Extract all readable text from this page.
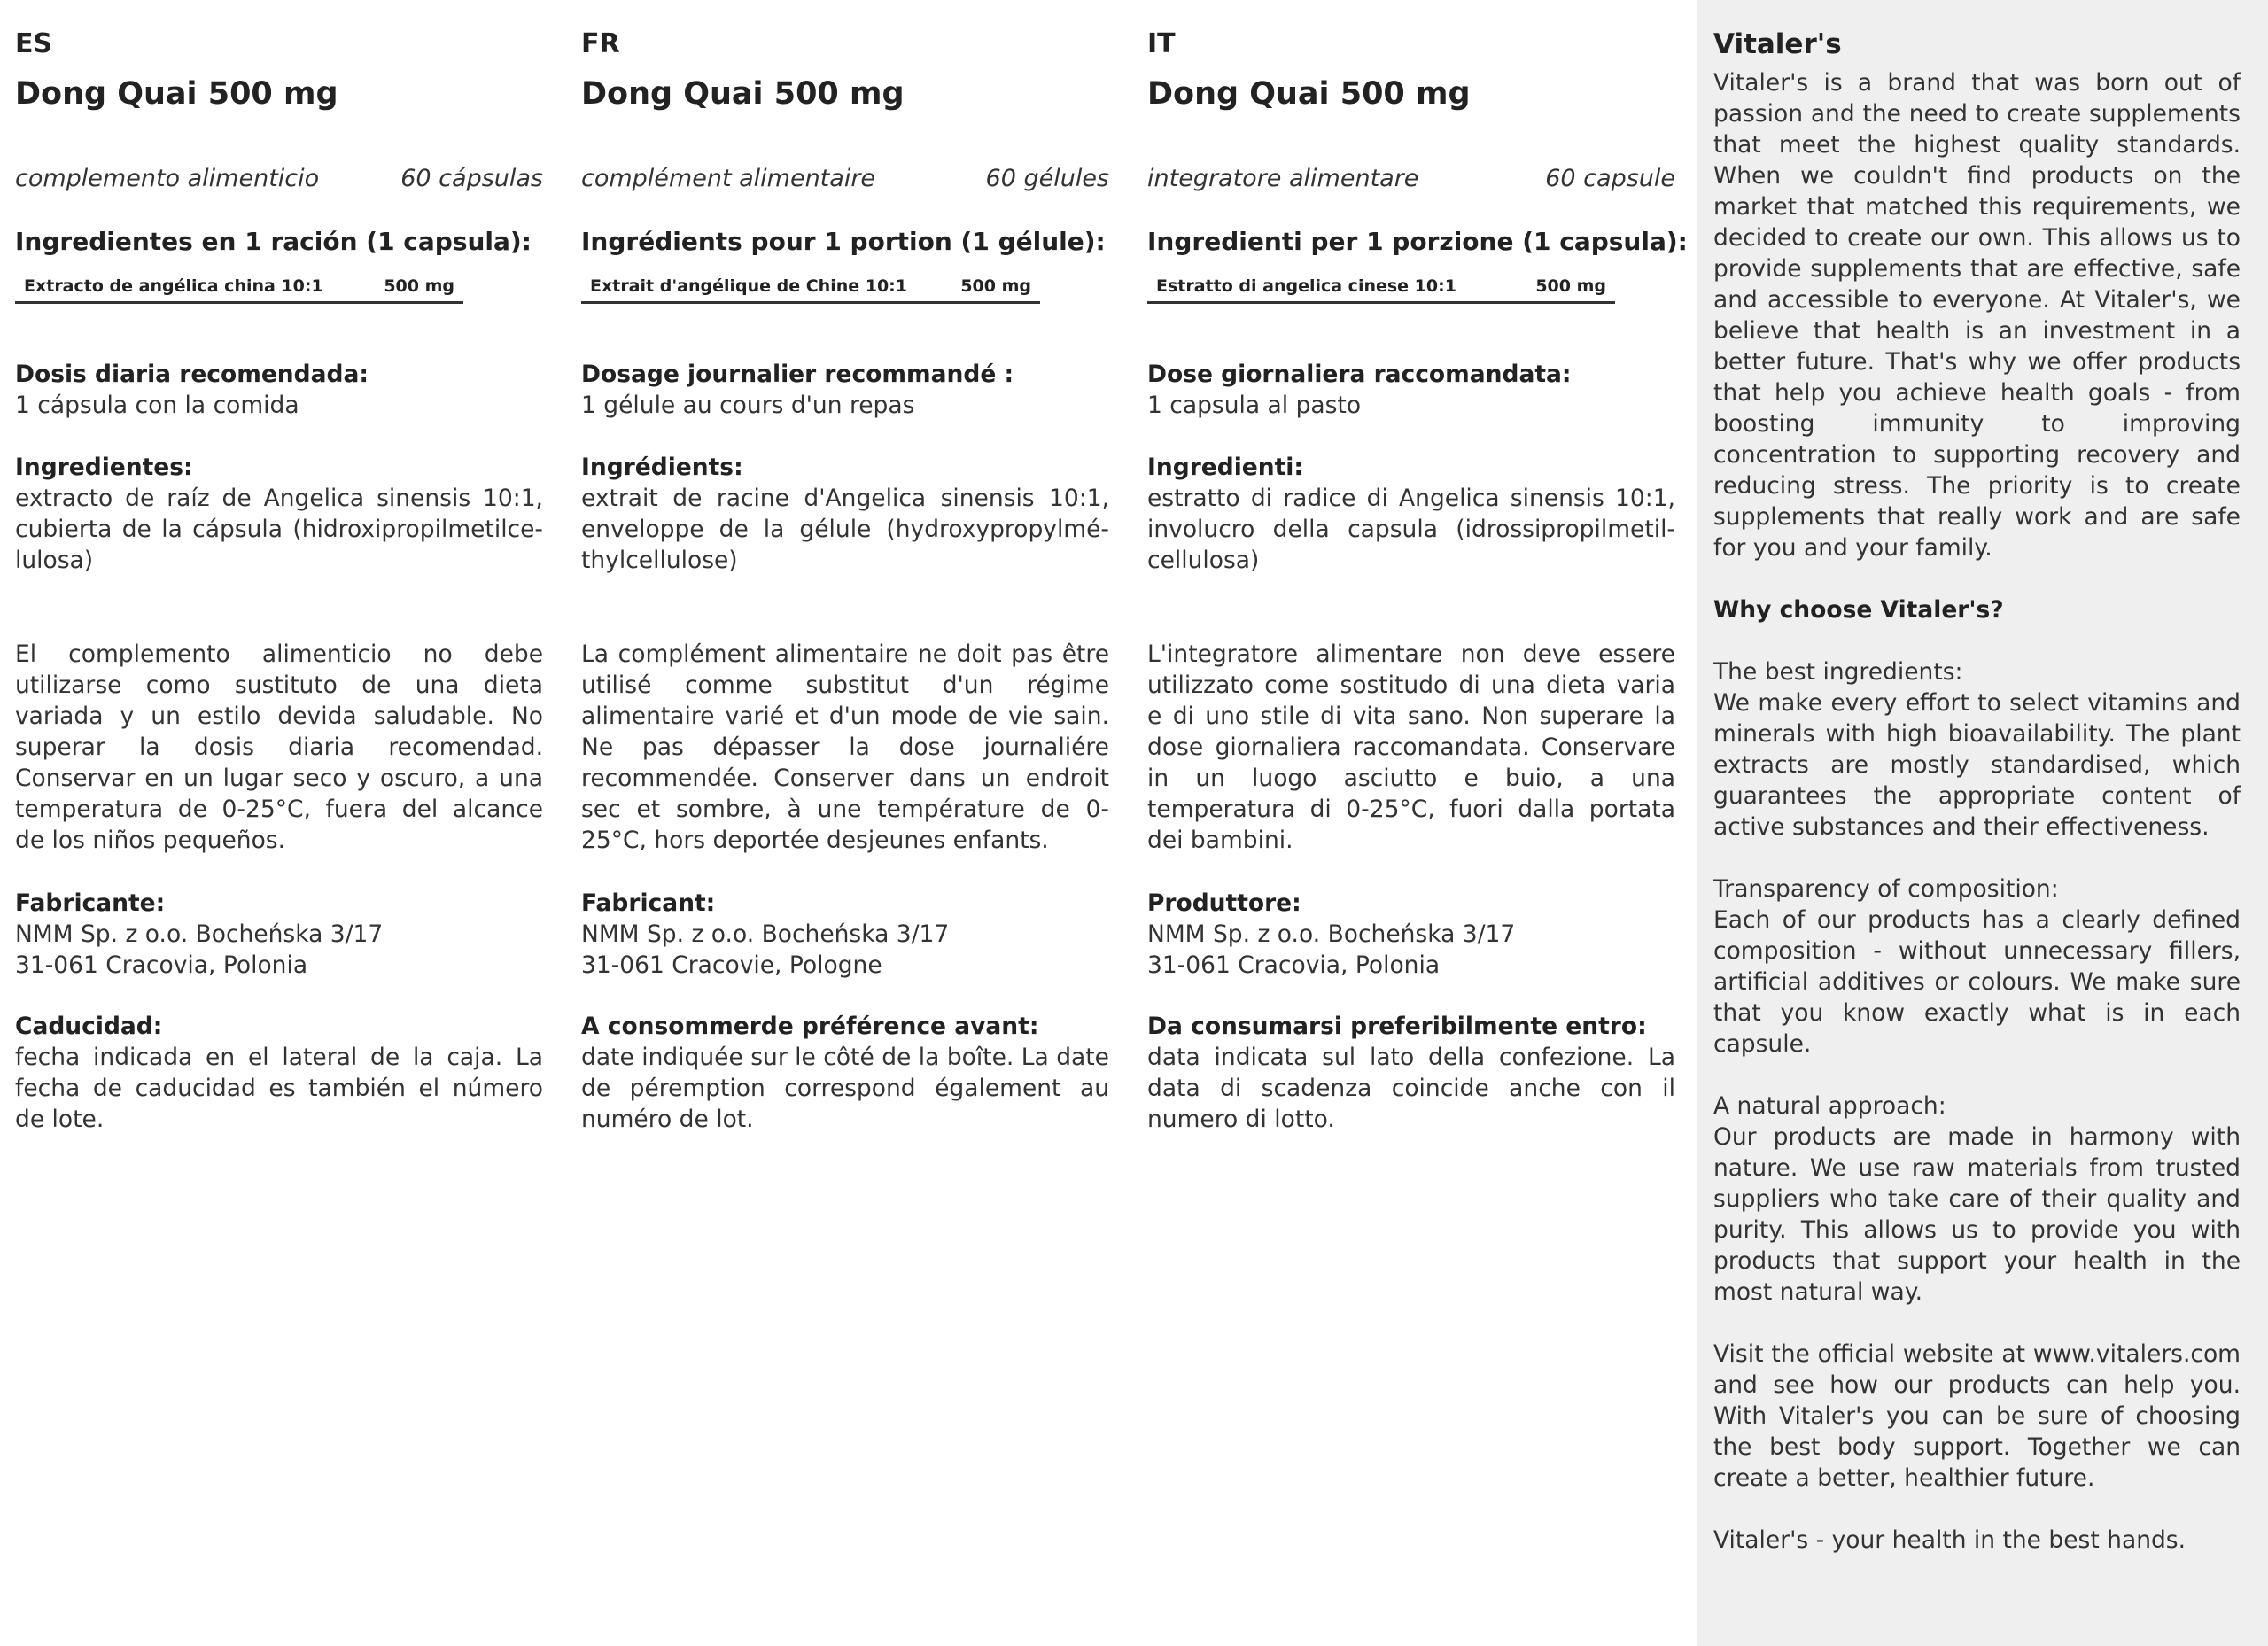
ES
Dong Quai 500 mg
complemento alimenticio	60 cápsulas
Ingredientes en 1 ración (1 capsula):
Extracto de angélica china 10:1	500 mg
Dosis diaria recomendada:
1 cápsula con la comida
Ingredientes:
extracto de raíz de Angelica sinensis 10:1, cubierta de la cápsula (hidroxipropilmetilce-lulosa)
El complemento alimenticio no debe utilizarse como sustituto de una dieta variada y un estilo devida saludable. No superar la dosis diaria recomendad. Conservar en un lugar seco y oscuro, a una temperatura de 0-25°C, fuera del alcance de los niños pequeños.
Fabricante:
NMM Sp. z o.o. Bocheńska 3/17
31-061 Cracovia, Polonia
Caducidad:
fecha indicada en el lateral de la caja. La fecha de caducidad es también el número de lote.
FR
Dong Quai 500 mg
complément alimentaire	60 gélules
Ingrédients pour 1 portion (1 gélule):
Extrait d'angélique de Chine 10:1	500 mg
Dosage journalier recommandé :
1 gélule au cours d'un repas
Ingrédients:
extrait de racine d'Angelica sinensis 10:1, enveloppe de la gélule (hydroxypropylmé-thylcellulose)
La complément alimentaire ne doit pas être utilisé comme substitut d'un régime alimentaire varié et d'un mode de vie sain. Ne pas dépasser la dose journaliére recommendée. Conserver dans un endroit sec et sombre, à une température de 0-25°C, hors deportée desjeunes enfants.
Fabricant:
NMM Sp. z o.o. Bocheńska 3/17
31-061 Cracovie, Pologne
A consommerde préférence avant:
date indiquée sur le côté de la boîte. La date de péremption correspond également au numéro de lot.
IT
Dong Quai 500 mg
integratore alimentare	60 capsule
Ingredienti per 1 porzione (1 capsula):
Estratto di angelica cinese 10:1	500 mg
Dose giornaliera raccomandata:
1 capsula al pasto
Ingredienti:
estratto di radice di Angelica sinensis 10:1, involucro della capsula (idrossipropilmetil-cellulosa)
L'integratore alimentare non deve essere utilizzato come sostitudo di una dieta varia e di uno stile di vita sano. Non superare la dose giornaliera raccomandata. Conservare in un luogo asciutto e buio, a una temperatura di 0-25°C, fuori dalla portata dei bambini.
Produttore:
NMM Sp. z o.o. Bocheńska 3/17
31-061 Cracovia, Polonia
Da consumarsi preferibilmente entro:
data indicata sul lato della confezione. La data di scadenza coincide anche con il numero di lotto.
Vitaler's

Vitaler's is a brand that was born out of passion and the need to create supplements that meet the highest quality standards. When we couldn't find products on the market that matched this requirements, we decided to create our own. This allows us to provide supplements that are effective, safe and accessible to everyone. At Vitaler's, we believe that health is an investment in a better future. That's why we offer products that help you achieve health goals - from boosting immunity to improving concentration to supporting recovery and reducing stress. The priority is to create supplements that really work and are safe for you and your family.

Why choose Vitaler's?
The best ingredients:

We make every effort to select vitamins and minerals with high bioavailability. The plant extracts are mostly standardised, which guarantees the appropriate content of active substances and their effectiveness.

Transparency of composition:

Each of our products has a clearly defined composition - without unnecessary fillers, artificial additives or colours. We make sure that you know exactly what is in each capsule.

A natural approach:

Our products are made in harmony with nature. We use raw materials from trusted suppliers who take care of their quality and purity. This allows us to provide you with products that support your health in the most natural way.

Visit the official website at www.vitalers.com and see how our products can help you. With Vitaler's you can be sure of choosing the best body support. Together we can create a better, healthier future.

Vitaler's - your health in the best hands.
